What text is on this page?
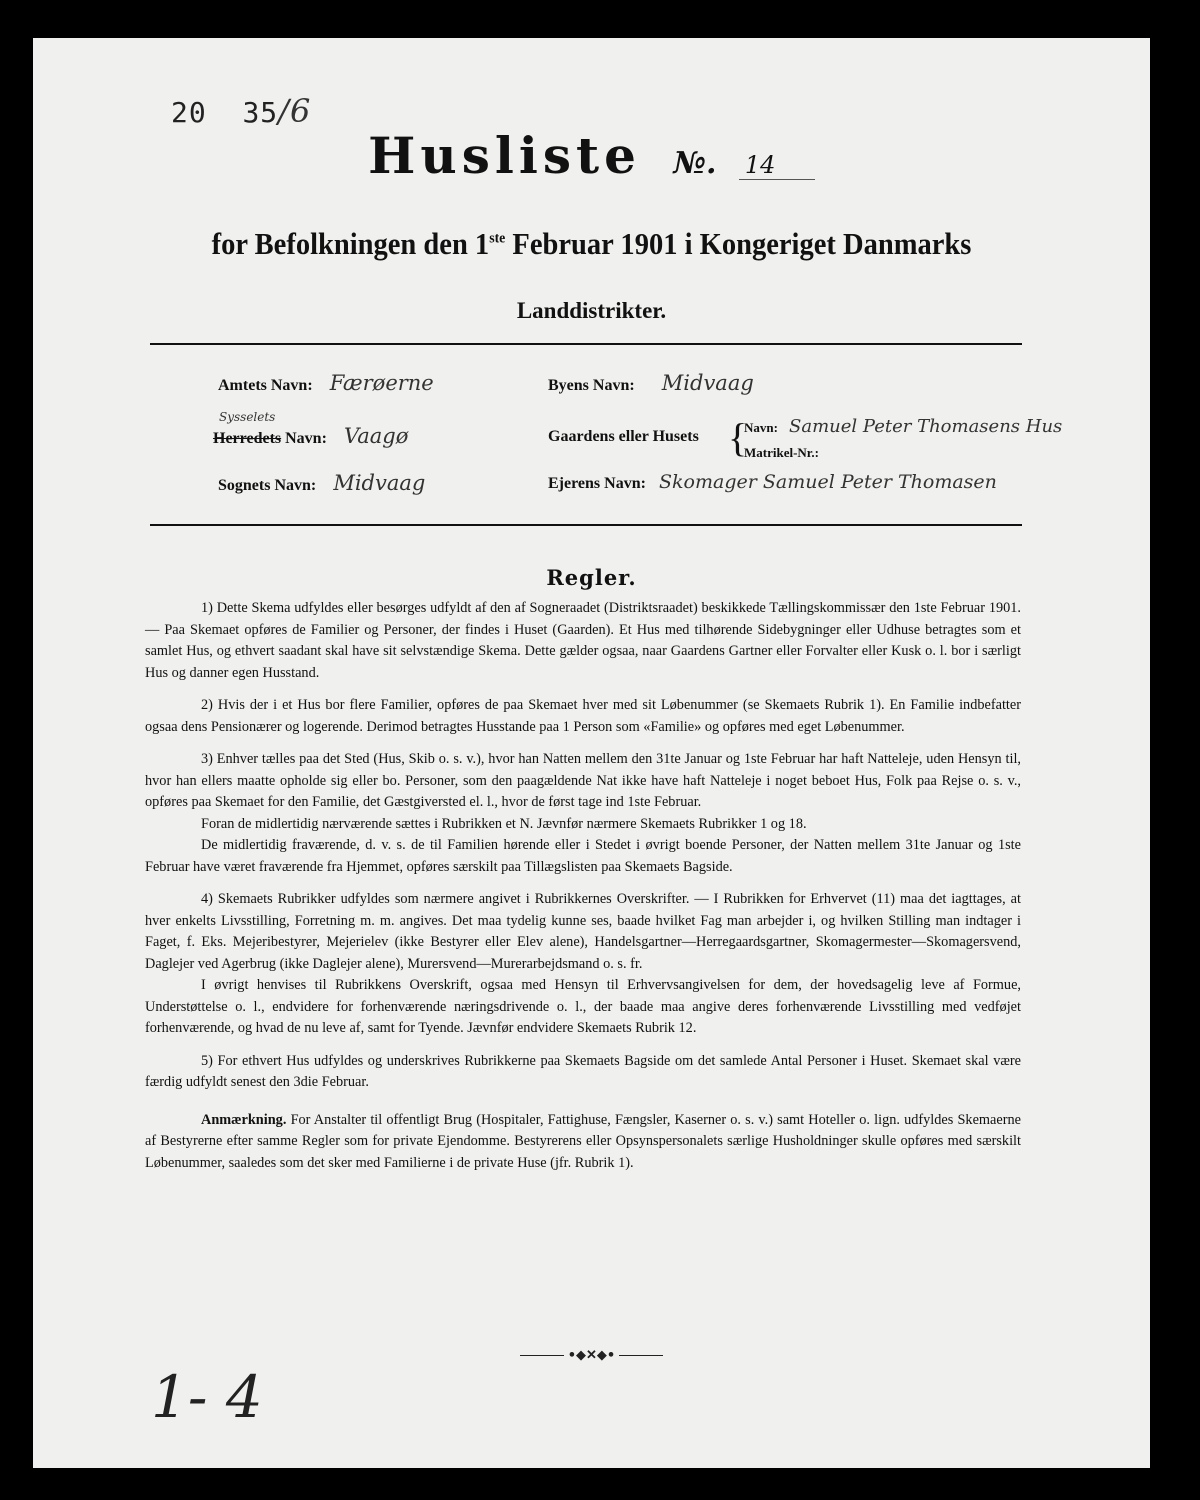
20 35/6
Husliste №. 14
for Befolkningen den 1ste Februar 1901 i Kongeriget Danmarks
Landdistrikter.
Amtets Navn: Færøerne
Sysselets
Herredets Navn: Vaagø
Sognets Navn: Midvaag
Byens Navn: Midvaag
Gaardens eller Husets {
Navn: Samuel Peter Thomasens Hus
Matrikel-Nr.:
Ejerens Navn: Skomager Samuel Peter Thomasen
Regler.

1) Dette Skema udfyldes eller besørges udfyldt af den af Sogneraadet (Distriktsraadet) beskikkede Tællingskommissær den 1ste Februar 1901. — Paa Skemaet opføres de Familier og Personer, der findes i Huset (Gaarden). Et Hus med tilhørende Sidebygninger eller Udhuse betragtes som et samlet Hus, og ethvert saadant skal have sit selvstændige Skema. Dette gælder ogsaa, naar Gaardens Gartner eller Forvalter eller Kusk o. l. bor i særligt Hus og danner egen Husstand.

2) Hvis der i et Hus bor flere Familier, opføres de paa Skemaet hver med sit Løbenummer (se Skemaets Rubrik 1). En Familie indbefatter ogsaa dens Pensionærer og logerende. Derimod betragtes Husstande paa 1 Person som «Familie» og opføres med eget Løbenummer.

3) Enhver tælles paa det Sted (Hus, Skib o. s. v.), hvor han Natten mellem den 31te Januar og 1ste Februar har haft Natteleje, uden Hensyn til, hvor han ellers maatte opholde sig eller bo. Personer, som den paagældende Nat ikke have haft Natteleje i noget beboet Hus, Folk paa Rejse o. s. v., opføres paa Skemaet for den Familie, det Gæstgiversted el. l., hvor de først tage ind 1ste Februar.

Foran de midlertidig nærværende sættes i Rubrikken et N. Jævnfør nærmere Skemaets Rubrikker 1 og 18.

De midlertidig fraværende, d. v. s. de til Familien hørende eller i Stedet i øvrigt boende Personer, der Natten mellem 31te Januar og 1ste Februar have været fraværende fra Hjemmet, opføres særskilt paa Tillægslisten paa Skemaets Bagside.

4) Skemaets Rubrikker udfyldes som nærmere angivet i Rubrikkernes Overskrifter. — I Rubrikken for Erhvervet (11) maa det iagttages, at hver enkelts Livsstilling, Forretning m. m. angives. Det maa tydelig kunne ses, baade hvilket Fag man arbejder i, og hvilken Stilling man indtager i Faget, f. Eks. Mejeribestyrer, Mejerielev (ikke Bestyrer eller Elev alene), Handelsgartner—Herregaardsgartner, Skomagermester—Skomagersvend, Daglejer ved Agerbrug (ikke Daglejer alene), Murersvend—Murerarbejdsmand o. s. fr.

I øvrigt henvises til Rubrikkens Overskrift, ogsaa med Hensyn til Erhvervsangivelsen for dem, der hovedsagelig leve af Formue, Understøttelse o. l., endvidere for forhenværende næringsdrivende o. l., der baade maa angive deres forhenværende Livsstilling med vedføjet forhenværende, og hvad de nu leve af, samt for Tyende. Jævnfør endvidere Skemaets Rubrik 12.

5) For ethvert Hus udfyldes og underskrives Rubrikkerne paa Skemaets Bagside om det samlede Antal Personer i Huset. Skemaet skal være færdig udfyldt senest den 3die Februar.

Anmærkning. For Anstalter til offentligt Brug (Hospitaler, Fattighuse, Fængsler, Kaserner o. s. v.) samt Hoteller o. lign. udfyldes Skemaerne af Bestyrerne efter samme Regler som for private Ejendomme. Bestyrerens eller Opsynspersonalets særlige Husholdninger skulle opføres med særskilt Løbenummer, saaledes som det sker med Familierne i de private Huse (jfr. Rubrik 1).

•◆✕◆•
1- 4
